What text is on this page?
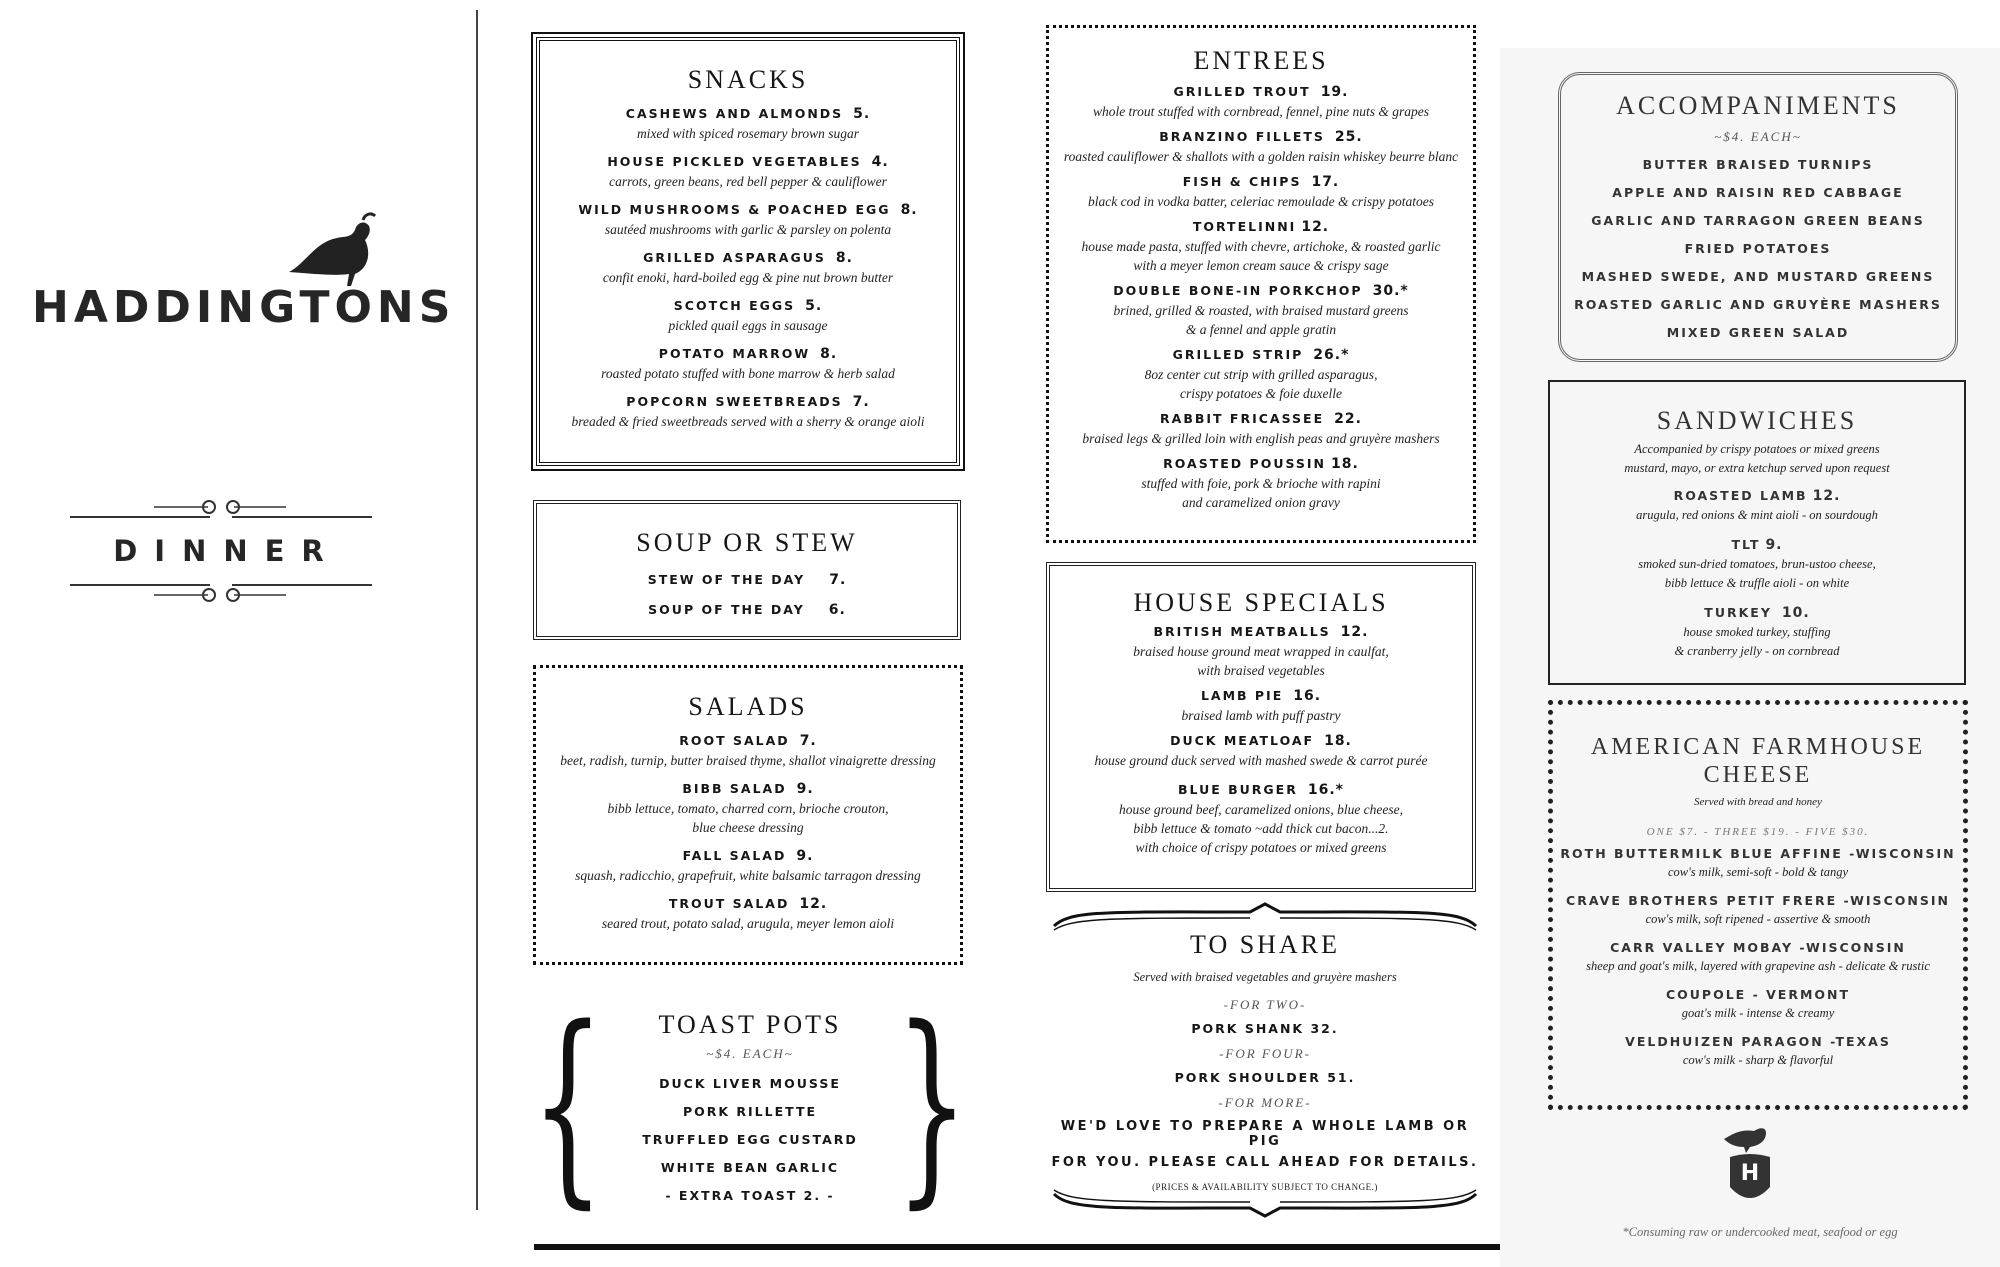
HADDINGTONS
DINNER
SNACKS

CASHEWS AND ALMONDS 5.

mixed with spiced rosemary brown sugar

HOUSE PICKLED VEGETABLES 4.

carrots, green beans, red bell pepper & cauliflower

WILD MUSHROOMS & POACHED EGG 8.

sautéed mushrooms with garlic & parsley on polenta

GRILLED ASPARAGUS 8.

confit enoki, hard-boiled egg & pine nut brown butter

SCOTCH EGGS 5.

pickled quail eggs in sausage

POTATO MARROW 8.

roasted potato stuffed with bone marrow & herb salad

POPCORN SWEETBREADS 7.

breaded & fried sweetbreads served with a sherry & orange aioli

SOUP OR STEW

STEW OF THE DAY 7.

SOUP OF THE DAY 6.

SALADS

ROOT SALAD 7.

beet, radish, turnip, butter braised thyme, shallot vinaigrette dressing

BIBB SALAD 9.

bibb lettuce, tomato, charred corn, brioche crouton,

blue cheese dressing

FALL SALAD 9.

squash, radicchio, grapefruit, white balsamic tarragon dressing

TROUT SALAD 12.

seared trout, potato salad, arugula, meyer lemon aioli

{ }
TOAST POTS

~$4. EACH~

DUCK LIVER MOUSSE

PORK RILLETTE

TRUFFLED EGG CUSTARD

WHITE BEAN GARLIC

- EXTRA TOAST 2. -

ENTREES

GRILLED TROUT 19.

whole trout stuffed with cornbread, fennel, pine nuts & grapes

BRANZINO FILLETS 25.

roasted cauliflower & shallots with a golden raisin whiskey beurre blanc

FISH & CHIPS 17.

black cod in vodka batter, celeriac remoulade & crispy potatoes

TORTELINNI 12.

house made pasta, stuffed with chevre, artichoke, & roasted garlic

with a meyer lemon cream sauce & crispy sage

DOUBLE BONE-IN PORKCHOP 30.*

brined, grilled & roasted, with braised mustard greens

& a fennel and apple gratin

GRILLED STRIP 26.*

8oz center cut strip with grilled asparagus,

crispy potatoes & foie duxelle

RABBIT FRICASSEE 22.

braised legs & grilled loin with english peas and gruyère mashers

ROASTED POUSSIN 18.

stuffed with foie, pork & brioche with rapini

and caramelized onion gravy

HOUSE SPECIALS

BRITISH MEATBALLS 12.

braised house ground meat wrapped in caulfat,

with braised vegetables

LAMB PIE 16.

braised lamb with puff pastry

DUCK MEATLOAF 18.

house ground duck served with mashed swede & carrot purée

BLUE BURGER 16.*

house ground beef, caramelized onions, blue cheese,

bibb lettuce & tomato ~add thick cut bacon...2.

with choice of crispy potatoes or mixed greens

TO SHARE

Served with braised vegetables and gruyère mashers

-FOR TWO-

PORK SHANK 32.

-FOR FOUR-

PORK SHOULDER 51.

-FOR MORE-

WE'D LOVE TO PREPARE A WHOLE LAMB OR PIG

FOR YOU. PLEASE CALL AHEAD FOR DETAILS.

(PRICES & AVAILABILITY SUBJECT TO CHANGE.)

ACCOMPANIMENTS

~$4. EACH~

BUTTER BRAISED TURNIPS

APPLE AND RAISIN RED CABBAGE

GARLIC AND TARRAGON GREEN BEANS

FRIED POTATOES

MASHED SWEDE, AND MUSTARD GREENS

ROASTED GARLIC AND GRUYÈRE MASHERS

MIXED GREEN SALAD

SANDWICHES

Accompanied by crispy potatoes or mixed greens

mustard, mayo, or extra ketchup served upon request

ROASTED LAMB 12.

arugula, red onions & mint aioli - on sourdough

TLT 9.

smoked sun-dried tomatoes, brun-ustoo cheese,

bibb lettuce & truffle aioli - on white

TURKEY 10.

house smoked turkey, stuffing

& cranberry jelly - on cornbread

AMERICAN FARMHOUSE
CHEESE

Served with bread and honey

ONE $7. - THREE $19. - FIVE $30.

ROTH BUTTERMILK BLUE AFFINE -WISCONSIN

cow's milk, semi-soft - bold & tangy

CRAVE BROTHERS PETIT FRERE -WISCONSIN

cow's milk, soft ripened - assertive & smooth

CARR VALLEY MOBAY -WISCONSIN

sheep and goat's milk, layered with grapevine ash - delicate & rustic

COUPOLE - VERMONT

goat's milk - intense & creamy

VELDHUIZEN PARAGON -TEXAS

cow's milk - sharp & flavorful

H
*Consuming raw or undercooked meat, seafood or egg
